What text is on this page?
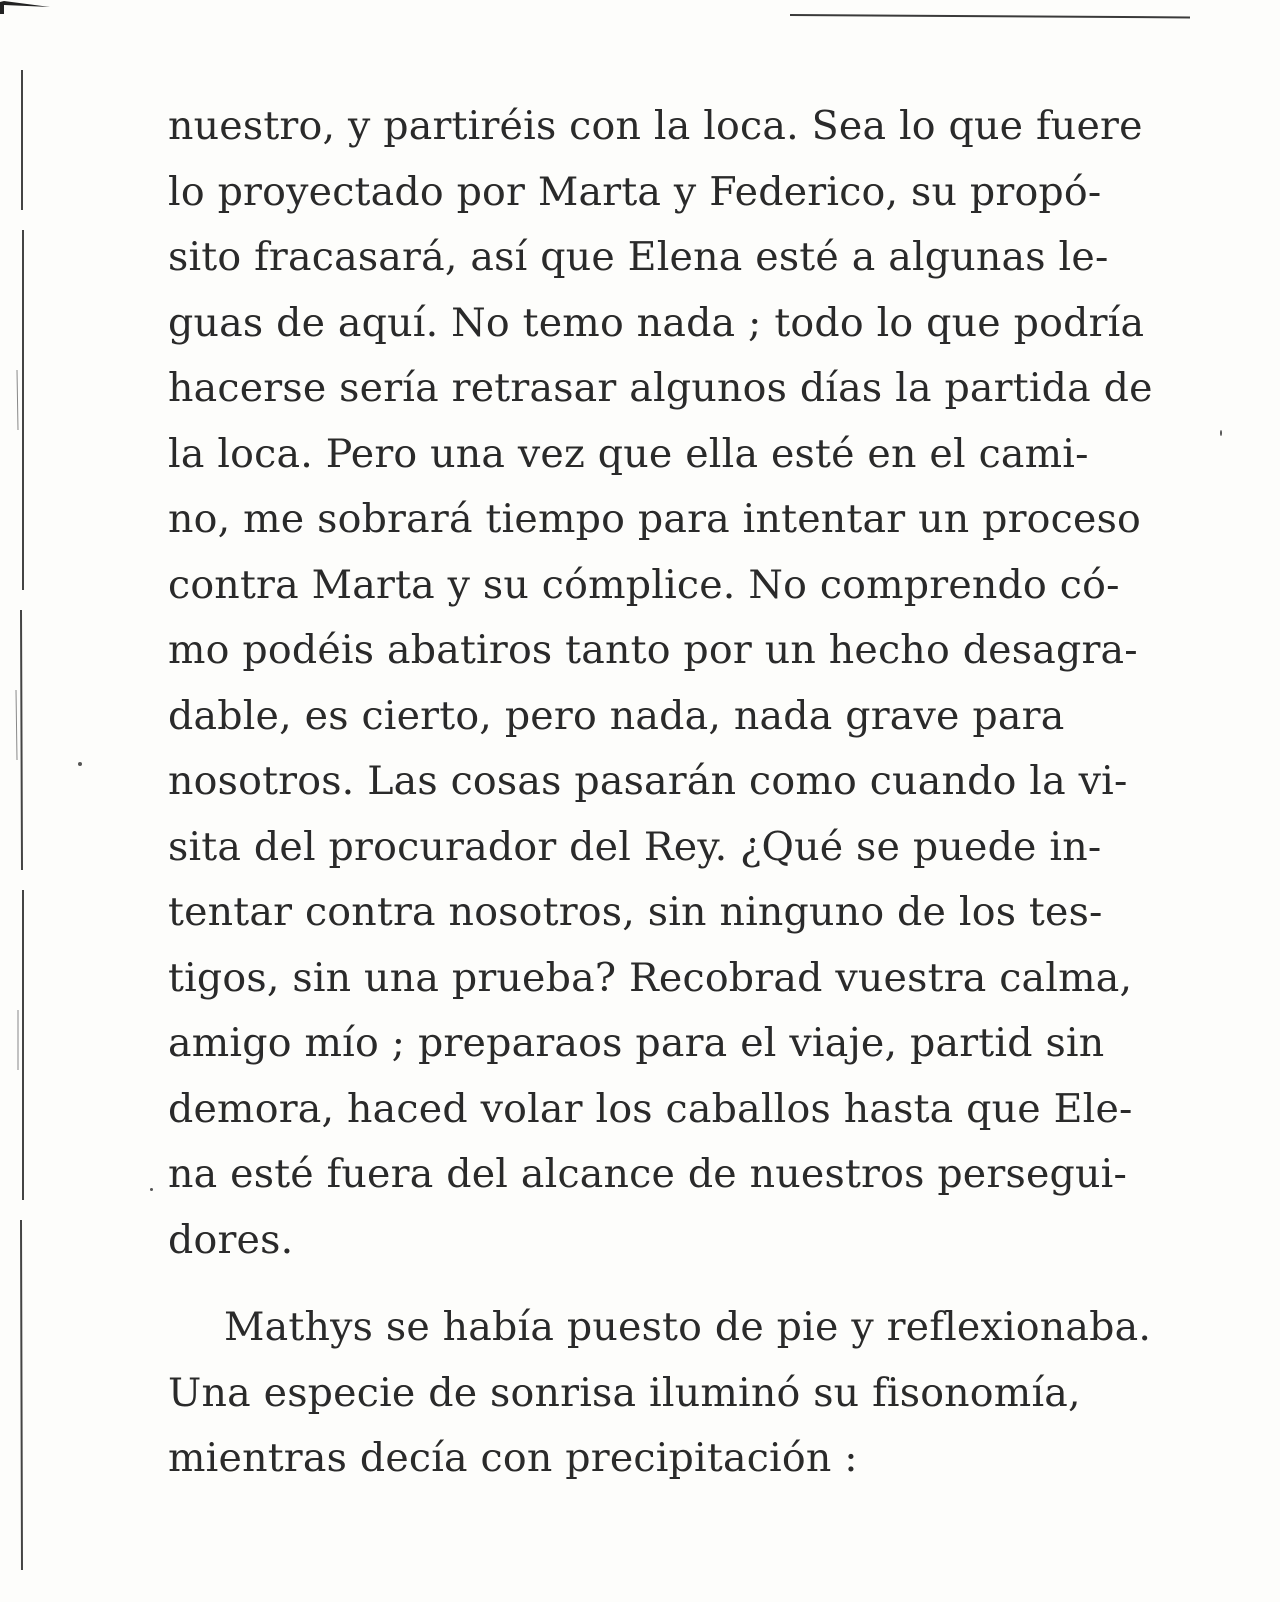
nuestro, y partiréis con la loca. Sea lo que fuere
lo proyectado por Marta y Federico, su propó-
sito fracasará, así que Elena esté a algunas le-
guas de aquí. No temo nada ; todo lo que podría
hacerse sería retrasar algunos días la partida de
la loca. Pero una vez que ella esté en el cami-
no, me sobrará tiempo para intentar un proceso
contra Marta y su cómplice. No comprendo có-
mo podéis abatiros tanto por un hecho desagra-
dable, es cierto, pero nada, nada grave para
nosotros. Las cosas pasarán como cuando la vi-
sita del procurador del Rey. ¿Qué se puede in-
tentar contra nosotros, sin ninguno de los tes-
tigos, sin una prueba? Recobrad vuestra calma,
amigo mío ; preparaos para el viaje, partid sin
demora, haced volar los caballos hasta que Ele-
na esté fuera del alcance de nuestros persegui-
dores.
Mathys se había puesto de pie y reflexionaba.
Una especie de sonrisa iluminó su fisonomía,
mientras decía con precipitación :
